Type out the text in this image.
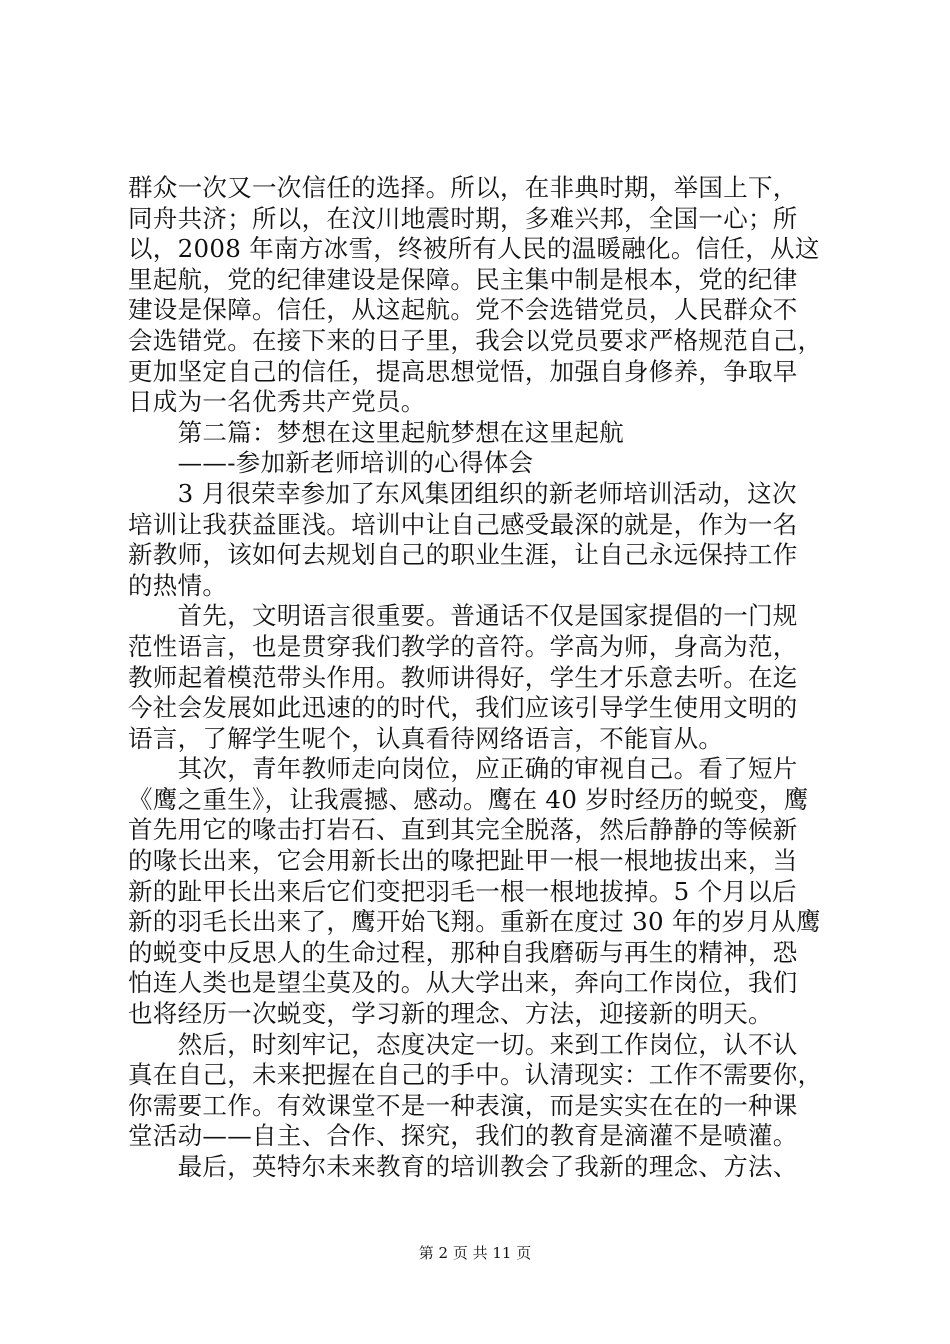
群众一次又一次信任的选择。所以，在非典时期，举国上下，
同舟共济；所以，在汶川地震时期，多难兴邦，全国一心；所
以，2008 年南方冰雪，终被所有人民的温暖融化。信任，从这
里起航，党的纪律建设是保障。民主集中制是根本，党的纪律
建设是保障。信任，从这起航。党不会选错党员，人民群众不
会选错党。在接下来的日子里，我会以党员要求严格规范自己，
更加坚定自己的信任，提高思想觉悟，加强自身修养，争取早
日成为一名优秀共产党员。
　　第二篇：梦想在这里起航梦想在这里起航
　　——-参加新老师培训的心得体会
　　3 月很荣幸参加了东风集团组织的新老师培训活动，这次
培训让我获益匪浅。培训中让自己感受最深的就是，作为一名
新教师，该如何去规划自己的职业生涯，让自己永远保持工作
的热情。
　　首先，文明语言很重要。普通话不仅是国家提倡的一门规
范性语言，也是贯穿我们教学的音符。学高为师，身高为范，
教师起着模范带头作用。教师讲得好，学生才乐意去听。在迄
今社会发展如此迅速的的时代，我们应该引导学生使用文明的
语言，了解学生呢个，认真看待网络语言，不能盲从。
　　其次，青年教师走向岗位，应正确的审视自己。看了短片
《鹰之重生》，让我震撼、感动。鹰在 40 岁时经历的蜕变，鹰
首先用它的喙击打岩石、直到其完全脱落，然后静静的等候新
的喙长出来，它会用新长出的喙把趾甲一根一根地拔出来，当
新的趾甲长出来后它们变把羽毛一根一根地拔掉。5 个月以后
新的羽毛长出来了，鹰开始飞翔。重新在度过 30 年的岁月从鹰
的蜕变中反思人的生命过程，那种自我磨砺与再生的精神，恐
怕连人类也是望尘莫及的。从大学出来，奔向工作岗位，我们
也将经历一次蜕变，学习新的理念、方法，迎接新的明天。
　　然后，时刻牢记，态度决定一切。来到工作岗位，认不认
真在自己，未来把握在自己的手中。认清现实：工作不需要你，
你需要工作。有效课堂不是一种表演，而是实实在在的一种课
堂活动——自主、合作、探究，我们的教育是滴灌不是喷灌。
　　最后，英特尔未来教育的培训教会了我新的理念、方法、
第 2 页 共 11 页
